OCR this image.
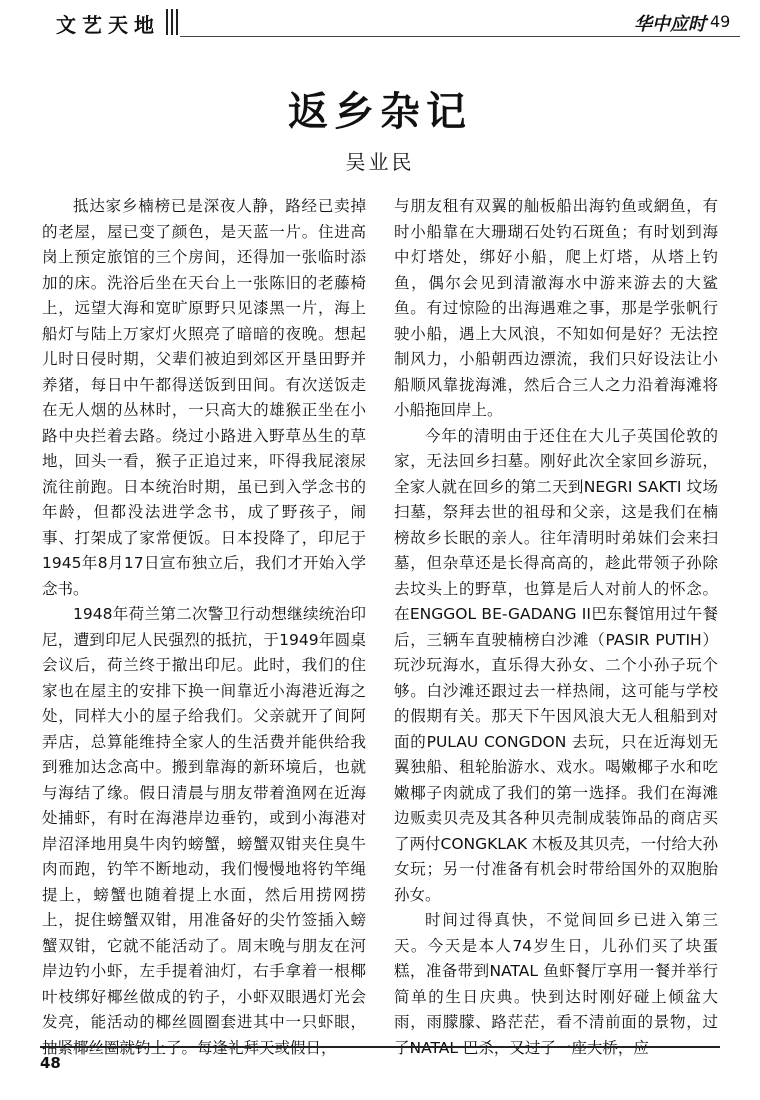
文艺天地	华中应时 49
返乡杂记
吴业民

抵达家乡楠榜已是深夜人静，路经已卖掉的老屋，屋已变了颜色，是天蓝一片。住进高岗上预定旅馆的三个房间，还得加一张临时添加的床。洗浴后坐在天台上一张陈旧的老藤椅上，远望大海和宽旷原野只见漆黑一片，海上船灯与陆上万家灯火照亮了暗暗的夜晚。想起儿时日侵时期，父辈们被迫到郊区开垦田野并养猪，每日中午都得送饭到田间。有次送饭走在无人烟的丛林时，一只高大的雄猴正坐在小路中央拦着去路。绕过小路进入野草丛生的草地，回头一看，猴子正追过来，吓得我屁滚尿流往前跑。日本统治时期，虽已到入学念书的年龄，但都没法进学念书，成了野孩子，闹事、打架成了家常便饭。日本投降了，印尼于1945年8月17日宣布独立后，我们才开始入学念书。

1948年荷兰第二次警卫行动想继续统治印尼，遭到印尼人民强烈的抵抗，于1949年圆桌会议后，荷兰终于撤出印尼。此时，我们的住家也在屋主的安排下换一间靠近小海港近海之处，同样大小的屋子给我们。父亲就开了间阿弄店，总算能维持全家人的生活费并能供给我到雅加达念高中。搬到靠海的新环境后，也就与海结了缘。假日清晨与朋友带着渔网在近海处捕虾，有时在海港岸边垂钓，或到小海港对岸沼泽地用臭牛肉钓螃蟹，螃蟹双钳夹住臭牛肉而跑，钓竿不断地动，我们慢慢地将钓竿绳提上，螃蟹也随着提上水面，然后用捞网捞上，捉住螃蟹双钳，用准备好的尖竹签插入螃蟹双钳，它就不能活动了。周末晚与朋友在河岸边钓小虾，左手提着油灯，右手拿着一根椰叶枝绑好椰丝做成的钓子，小虾双眼遇灯光会发亮，能活动的椰丝圆圈套进其中一只虾眼，抽紧椰丝圈就钓上了。每逢礼拜天或假日，

与朋友租有双翼的舢板船出海钓鱼或網鱼，有时小船靠在大珊瑚石处钓石斑鱼；有时划到海中灯塔处，绑好小船，爬上灯塔，从塔上钓鱼，偶尔会见到清澈海水中游来游去的大鲨鱼。有过惊险的出海遇难之事，那是学张帆行驶小船，遇上大风浪，不知如何是好？无法控制风力，小船朝西边漂流，我们只好设法让小船顺风靠拢海滩，然后合三人之力沿着海滩将小船拖回岸上。

今年的清明由于还住在大儿子英国伦敦的家，无法回乡扫墓。刚好此次全家回乡游玩，全家人就在回乡的第二天到NEGRI SAKTI 坟场扫墓，祭拜去世的祖母和父亲，这是我们在楠榜故乡长眠的亲人。往年清明时弟妹们会来扫墓，但杂草还是长得高高的，趁此带领子孙除去坟头上的野草，也算是后人对前人的怀念。在ENGGOL BE-GADANG II巴东餐馆用过午餐后，三辆车直驶楠榜白沙滩（PASIR PUTIH）玩沙玩海水，直乐得大孙女、二个小孙子玩个够。白沙滩还跟过去一样热闹，这可能与学校的假期有关。那天下午因风浪大无人租船到对面的PULAU CONGDON 去玩，只在近海划无翼独船、租轮胎游水、戏水。喝嫩椰子水和吃嫩椰子肉就成了我们的第一选择。我们在海滩边贩卖贝壳及其各种贝壳制成装饰品的商店买了两付CONGKLAK 木板及其贝壳，一付给大孙女玩；另一付准备有机会时带给国外的双胞胎孙女。

时间过得真快，不觉间回乡已进入第三天。今天是本人74岁生日，儿孙们买了块蛋糕，准备带到NATAL 鱼虾餐厅享用一餐并举行简单的生日庆典。快到达时刚好碰上倾盆大雨，雨朦朦、路茫茫，看不清前面的景物，过了NATAL 巴杀，又过了一座大桥，应

48
